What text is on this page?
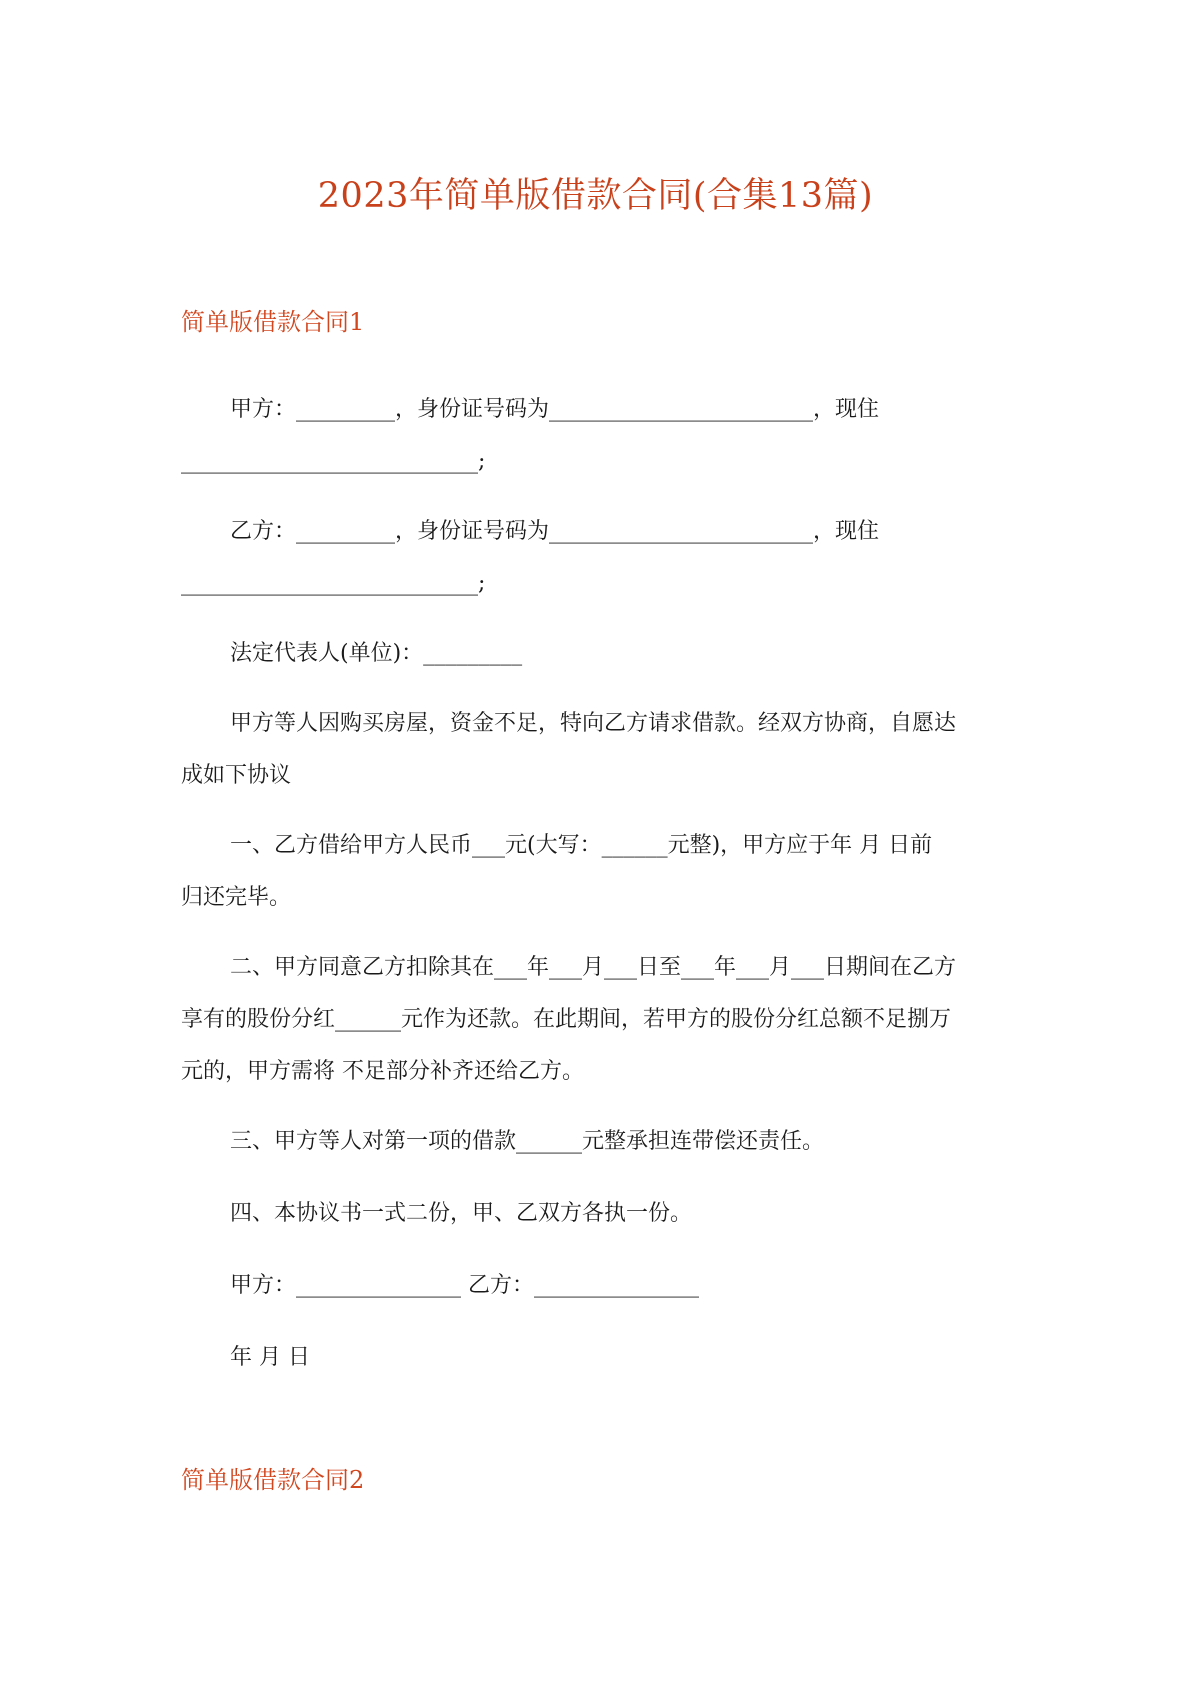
2023年简单版借款合同(合集13篇)
简单版借款合同1
甲方：_________，身份证号码为________________________，现住
___________________________;
乙方：_________，身份证号码为________________________，现住
___________________________;
法定代表人(单位)：_________
甲方等人因购买房屋，资金不足，特向乙方请求借款。经双方协商，自愿达
成如下协议
一、乙方借给甲方人民币___元(大写：______元整)，甲方应于年 月 日前
归还完毕。
二、甲方同意乙方扣除其在___年___月___日至___年___月___日期间在乙方
享有的股份分红______元作为还款。在此期间，若甲方的股份分红总额不足捌万
元的，甲方需将 不足部分补齐还给乙方。
三、甲方等人对第一项的借款______元整承担连带偿还责任。
四、本协议书一式二份，甲、乙双方各执一份。
甲方：_______________ 乙方：_______________
年 月 日
简单版借款合同2
